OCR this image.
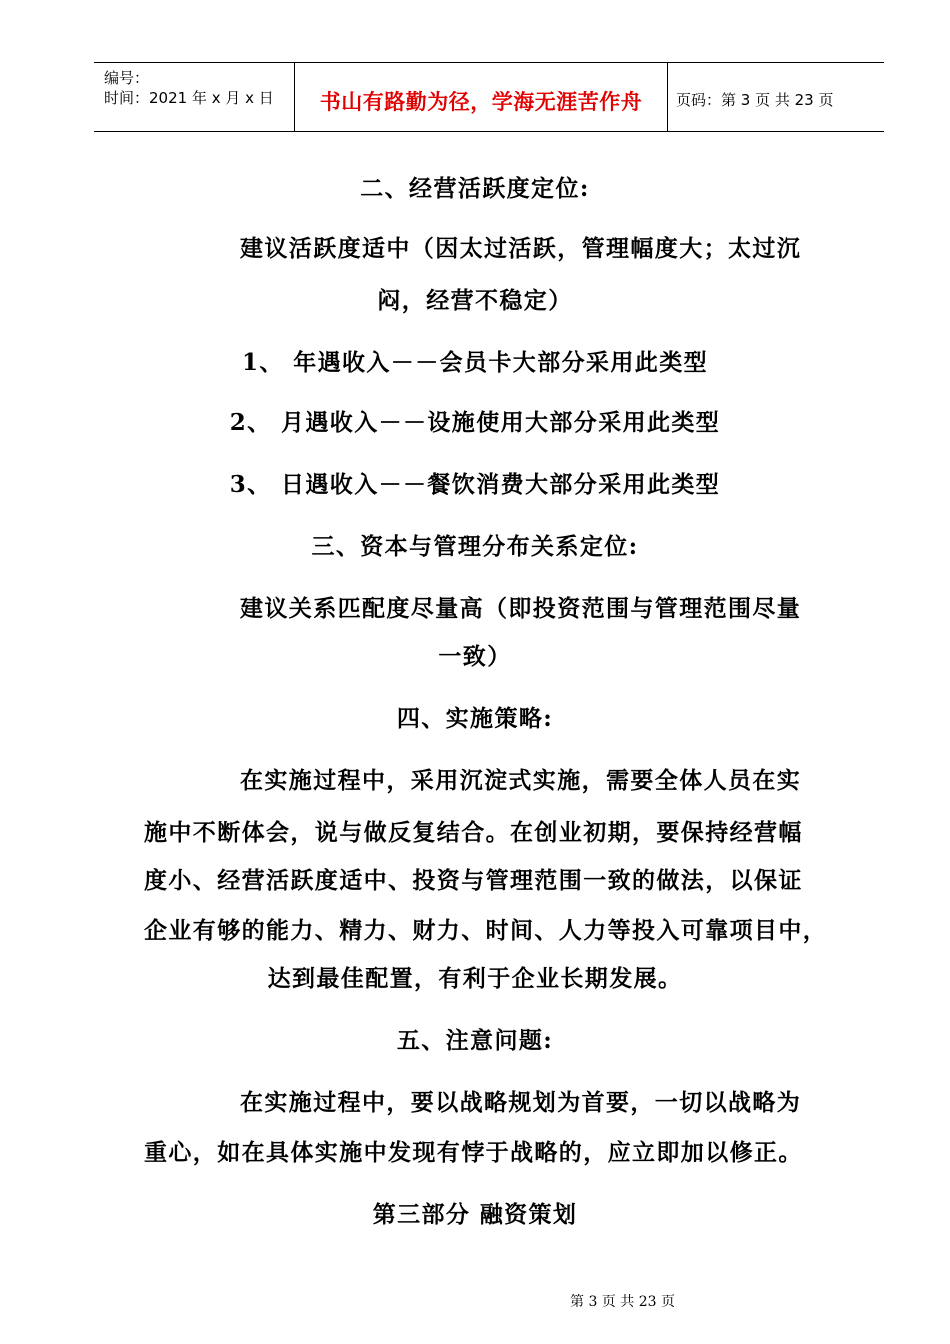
编号：
时间：2021 年 x 月 x 日	书山有路勤为径，学海无涯苦作舟	页码：第 3 页 共 23 页
二、经营活跃度定位:
建议活跃度适中（因太过活跃，管理幅度大；太过沉
闷，经营不稳定）
1、 年遇收入－－会员卡大部分采用此类型
2、 月遇收入－－设施使用大部分采用此类型
3、 日遇收入－－餐饮消费大部分采用此类型
三、资本与管理分布关系定位:
建议关系匹配度尽量高（即投资范围与管理范围尽量
一致）
四、实施策略:
在实施过程中，采用沉淀式实施，需要全体人员在实
施中不断体会，说与做反复结合。在创业初期，要保持经营幅
度小、经营活跃度适中、投资与管理范围一致的做法，以保证
企业有够的能力、精力、财力、时间、人力等投入可靠项目中，
达到最佳配置，有利于企业长期发展。
五、注意问题:
在实施过程中，要以战略规划为首要，一切以战略为
重心，如在具体实施中发现有悖于战略的，应立即加以修正。
第三部分 融资策划
第 3 页 共 23 页
